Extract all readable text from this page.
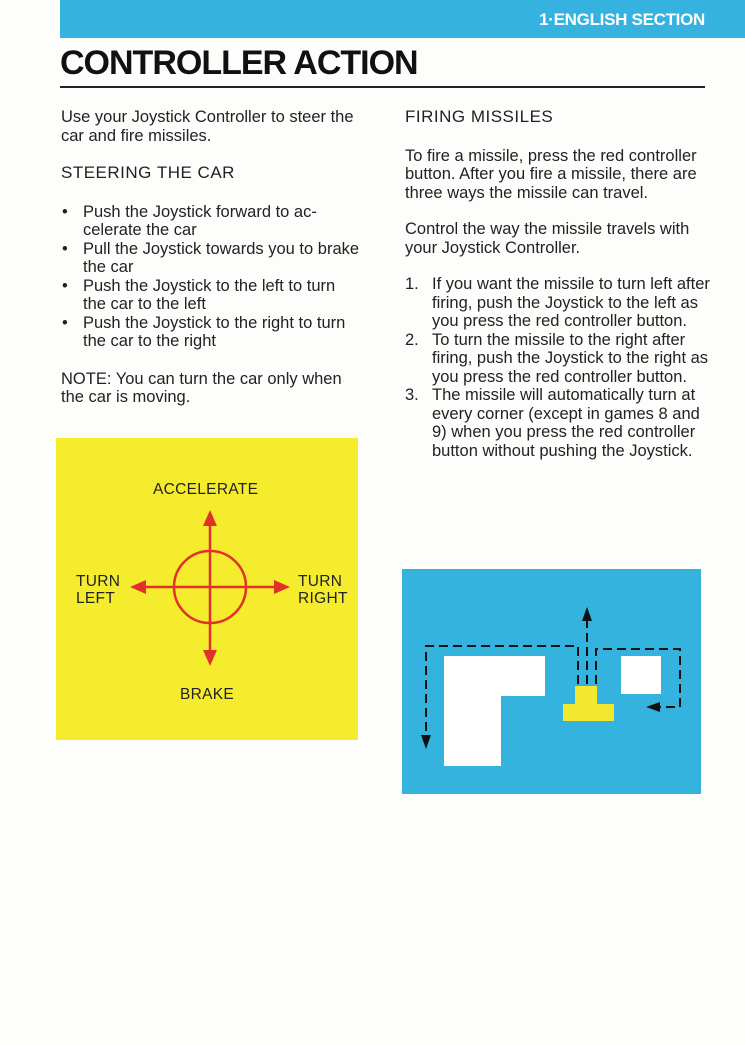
1·ENGLISH SECTION
CONTROLLER ACTION

Use your Joystick Controller to steer the car and fire missiles.

STEERING THE CAR

• Push the Joystick forward to accelerate the car
• Pull the Joystick towards you to brake the car
• Push the Joystick to the left to turn the car to the left
• Push the Joystick to the right to turn the car to the right

NOTE: You can turn the car only when the car is moving.

FIRING MISSILES

To fire a missile, press the red controller button. After you fire a missile, there are three ways the missile can travel.

Control the way the missile travels with your Joystick Controller.

1. If you want the missile to turn left after firing, push the Joystick to the left as you press the red controller button.
2. To turn the missile to the right after firing, push the Joystick to the right as you press the red controller button.
3. The missile will automatically turn at every corner (except in games 8 and 9) when you press the red controller button without pushing the Joystick.
ACCELERATE
TURN
LEFT
TURN
RIGHT
BRAKE
